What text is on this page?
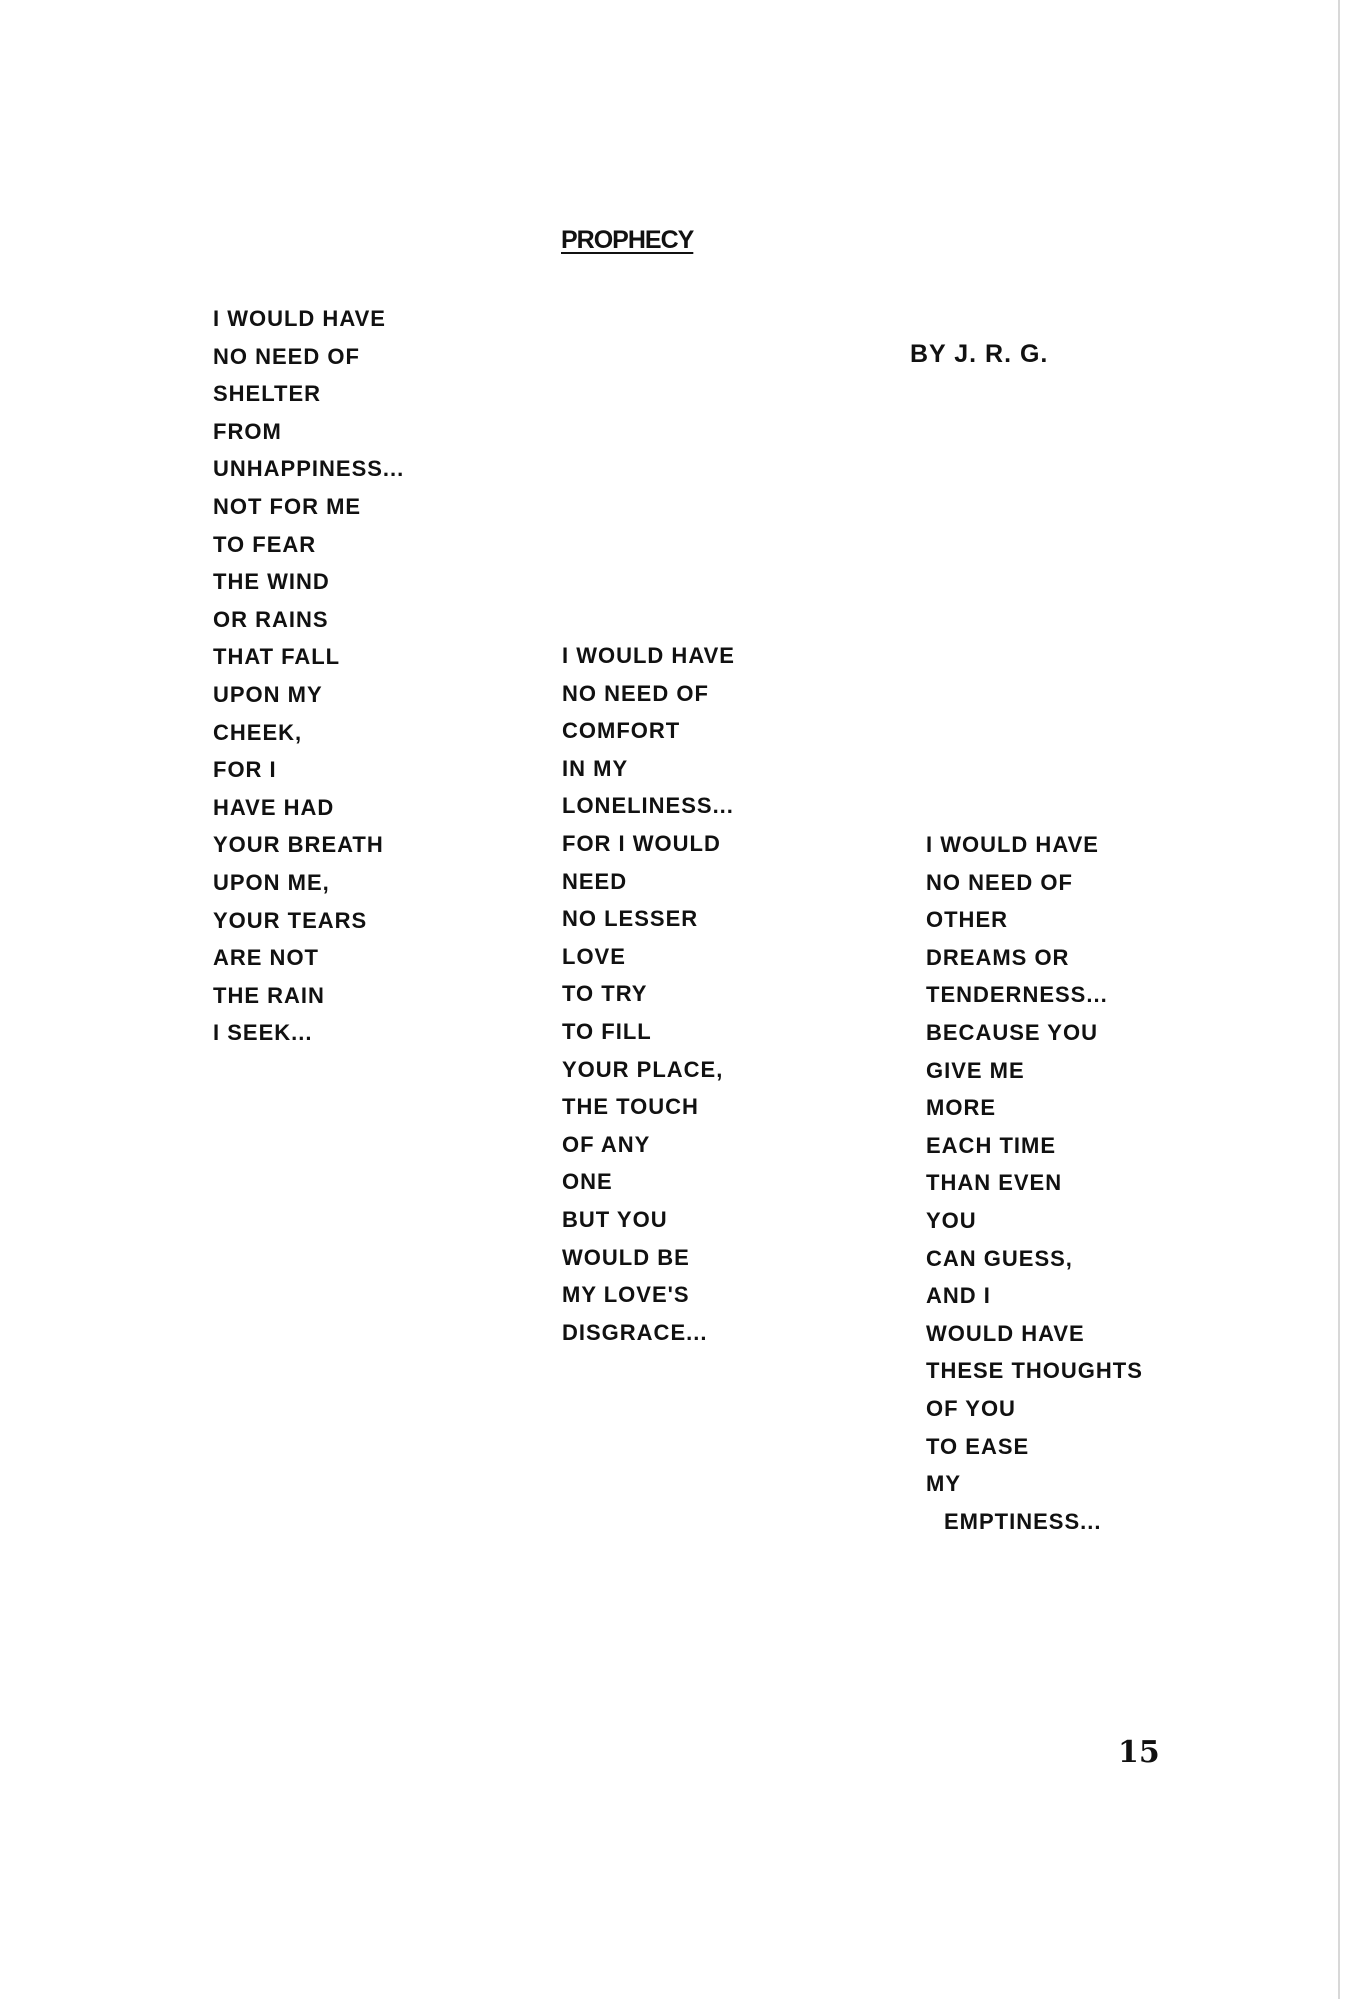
PROPHECY

BY J. R. G.

I WOULD HAVE
NO NEED OF
SHELTER
FROM
UNHAPPINESS...
NOT FOR ME
TO FEAR
THE WIND
OR RAINS
THAT FALL
UPON MY
CHEEK,
FOR I
HAVE HAD
YOUR BREATH
UPON ME,
YOUR TEARS
ARE NOT
THE RAIN
I SEEK...
I WOULD HAVE
NO NEED OF
COMFORT
IN MY
LONELINESS...
FOR I WOULD
NEED
NO LESSER
LOVE
TO TRY
TO FILL
YOUR PLACE,
THE TOUCH
OF ANY
ONE
BUT YOU
WOULD BE
MY LOVE'S
DISGRACE...
I WOULD HAVE
NO NEED OF
OTHER
DREAMS OR
TENDERNESS...
BECAUSE YOU
GIVE ME
MORE
EACH TIME
THAN EVEN
YOU
CAN GUESS,
AND I
WOULD HAVE
THESE THOUGHTS
OF YOU
TO EASE
MY
EMPTINESS...

15
